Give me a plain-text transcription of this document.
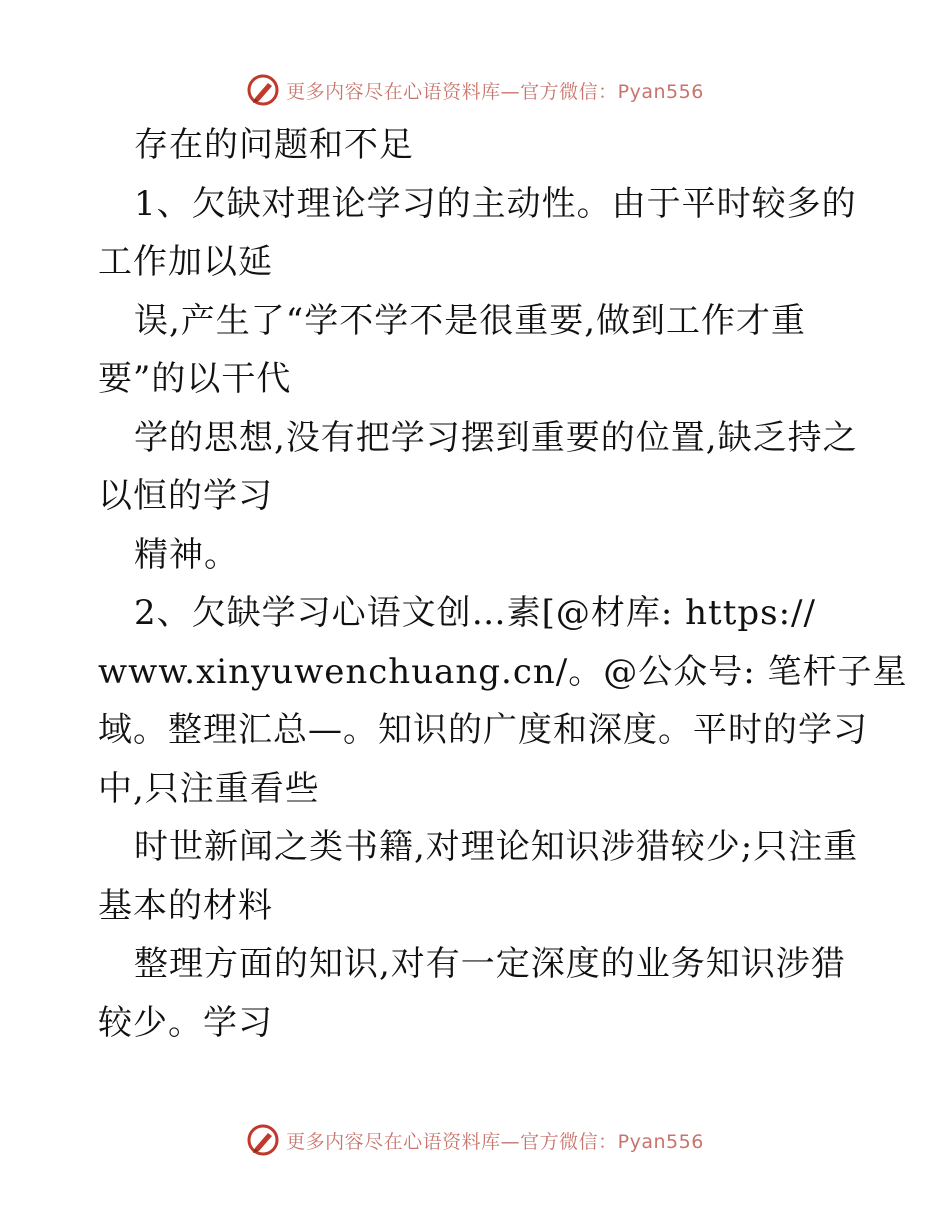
更多内容尽在心语资料库—官方微信：Pyan556
存在的问题和不足
1、欠缺对理论学习的主动性。由于平时较多的
工作加以延
误,产生了“学不学不是很重要,做到工作才重
要”的以干代
学的思想,没有把学习摆到重要的位置,缺乏持之
以恒的学习
精神。
2、欠缺学习心语文创…素[@材库: https://
www.xinyuwenchuang.cn/。@公众号: 笔杆子星
域。整理汇总—。知识的广度和深度。平时的学习
中,只注重看些
时世新闻之类书籍,对理论知识涉猎较少;只注重
基本的材料
整理方面的知识,对有一定深度的业务知识涉猎
较少。学习
更多内容尽在心语资料库—官方微信：Pyan556
